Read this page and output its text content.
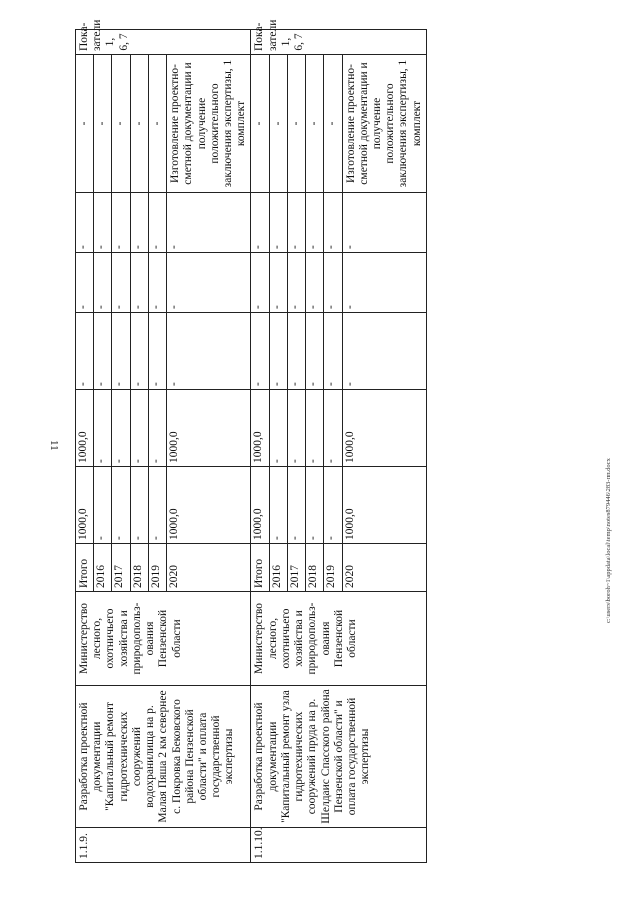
11
c:\users\boroh~1\appdata\local\temp\notes879446\283-пп.docx
1.1.9.	Разработка проектной документации "Капитальный ремонт гидротехнических сооружений водохранилища на р. Малая Пяша 2 км севернее с. Покровка Бековского района Пензенской области" и оплата государственной экспертизы	Министерство лесного, охотничьего хозяйства и природопольз-ования Пензенской области	Итого	1000,0	1000,0	-	-	-	-	Пока-затели 1, 6, 7
			2016	-	-	-	-	-	-	
			2017	-	-	-	-	-	-	
			2018	-	-	-	-	-	-	
			2019	-	-	-	-	-	-	
			2020	1000,0	1000,0	-	-	-	Изготовление проектно-сметной документации и получение положительного заключения экспертизы, 1 комплект	
1.1.10.	Разработка проектной документации "Капитальный ремонт узла гидротехнических сооружений пруда на р. Шелдаис Спасского района Пензенской области" и оплата государственной экспертизы	Министерство лесного, охотничьего хозяйства и природопольз-ования Пензенской области	Итого	1000,0	1000,0	-	-	-	-	Пока-затели 1, 6, 7
			2016	-	-	-	-	-	-	
			2017	-	-	-	-	-	-	
			2018	-	-	-	-	-	-	
			2019	-	-	-	-	-	-	
			2020	1000,0	1000,0	-	-	-	Изготовление проектно-сметной документации и получение положительного заключения экспертизы, 1 комплект	
